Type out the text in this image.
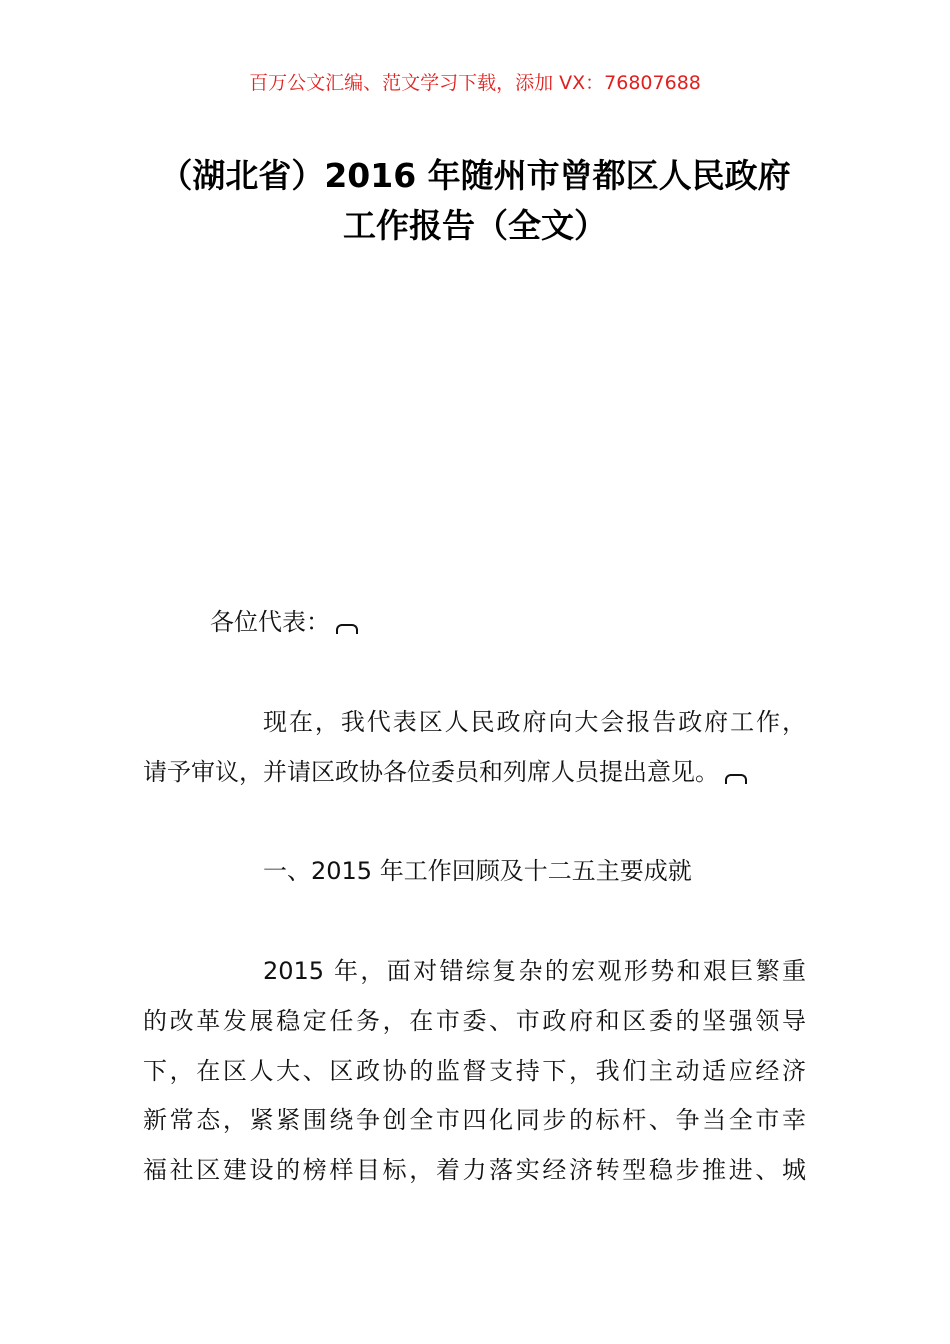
百万公文汇编、范文学习下载，添加 VX：76807688
（湖北省）2016 年随州市曾都区人民政府
工作报告（全文）
各位代表：
现在，我代表区人民政府向大会报告政府工作，
请予审议，并请区政协各位委员和列席人员提出意见。
一、2015 年工作回顾及十二五主要成就
2015 年，面对错综复杂的宏观形势和艰巨繁重
的改革发展稳定任务，在市委、市政府和区委的坚强领导
下，在区人大、区政协的监督支持下，我们主动适应经济
新常态，紧紧围绕争创全市四化同步的标杆、争当全市幸
福社区建设的榜样目标，着力落实经济转型稳步推进、城
